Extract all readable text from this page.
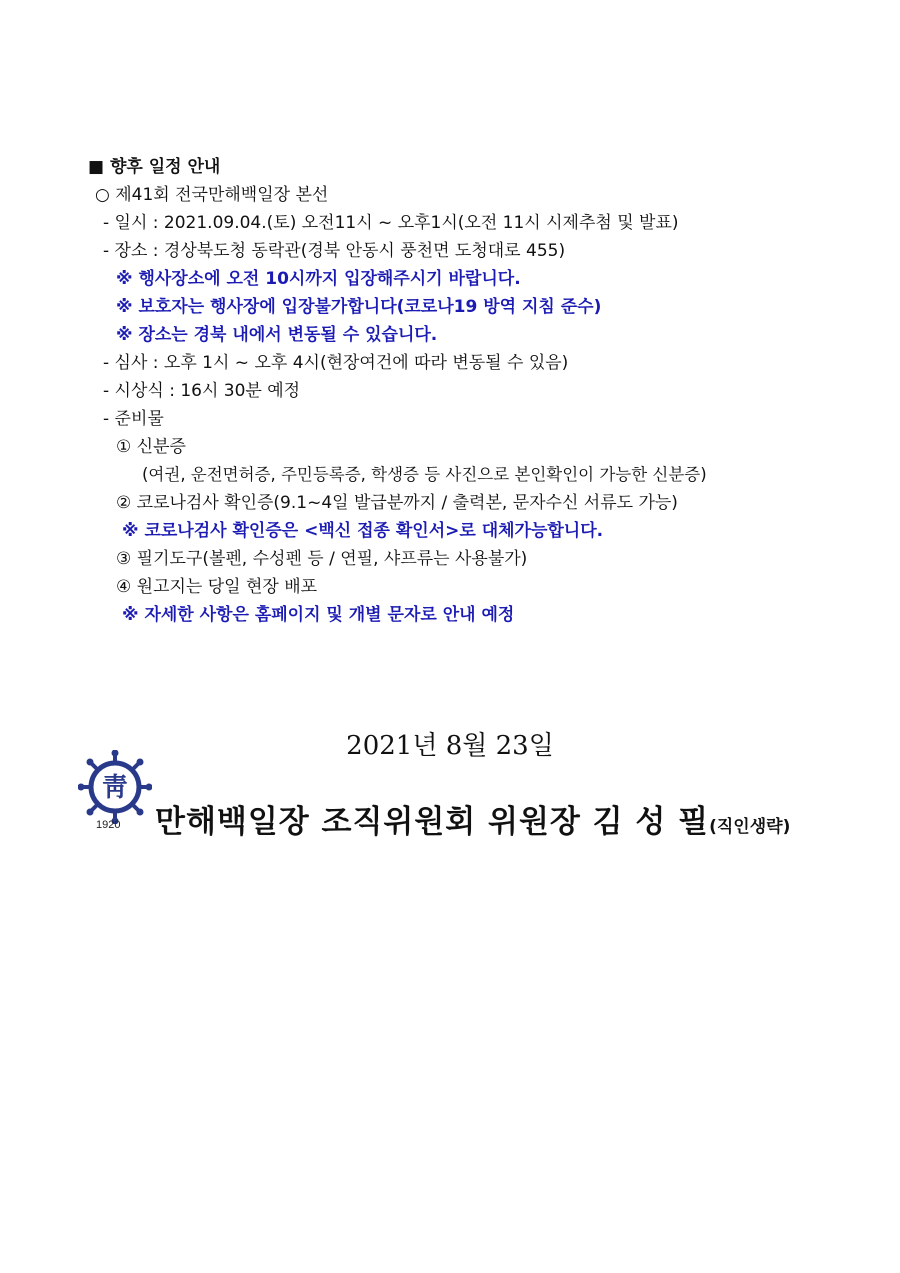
■ 향후 일정 안내
○ 제41회 전국만해백일장 본선
- 일시 : 2021.09.04.(토) 오전11시 ~ 오후1시(오전 11시 시제추첨 및 발표)
- 장소 : 경상북도청 동락관(경북 안동시 풍천면 도청대로 455)
※ 행사장소에 오전 10시까지 입장해주시기 바랍니다.
※ 보호자는 행사장에 입장불가합니다(코로나19 방역 지침 준수)
※ 장소는 경북 내에서 변동될 수 있습니다.
- 심사 : 오후 1시 ~ 오후 4시(현장여건에 따라 변동될 수 있음)
- 시상식 : 16시 30분 예정
- 준비물
① 신분증
(여권, 운전면허증, 주민등록증, 학생증 등 사진으로 본인확인이 가능한 신분증)
② 코로나검사 확인증(9.1~4일 발급분까지 / 출력본, 문자수신 서류도 가능)
※ 코로나검사 확인증은 <백신 접종 확인서>로 대체가능합니다.
③ 필기도구(볼펜, 수성펜 등 / 연필, 샤프류는 사용불가)
④ 원고지는 당일 현장 배포
※ 자세한 사항은 홈페이지 및 개별 문자로 안내 예정
2021년 8월 23일
靑
1920 만해백일장 조직위원회 위원장 김 성 필(직인생략)
